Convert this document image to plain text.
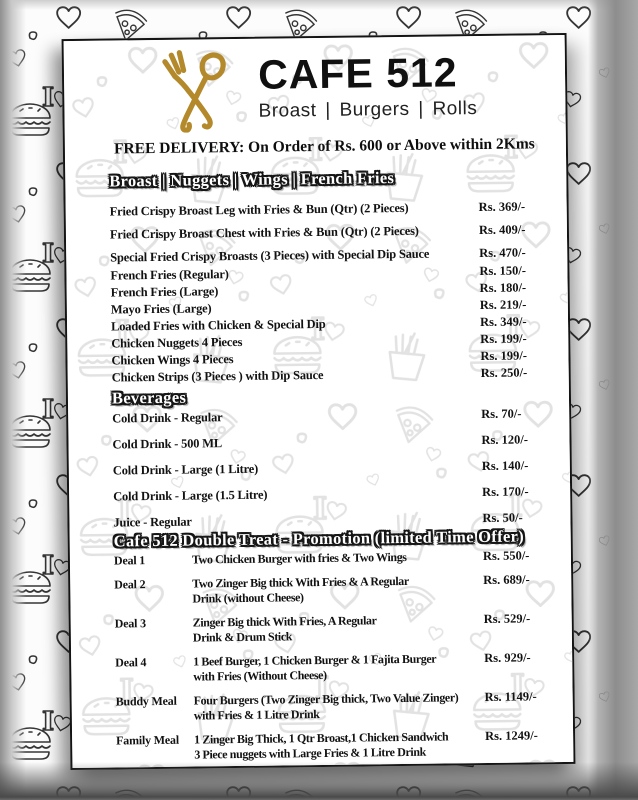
CAFE 512
Broast | Burgers | Rolls
FREE DELIVERY: On Order of Rs. 600 or Above within 2Kms
Broast | Nuggets | Wings | French Fries
Fried Crispy Broast Leg with Fries & Bun (Qtr) (2 Pieces)	Rs. 369/-
Fried Crispy Broast Chest with Fries & Bun (Qtr) (2 Pieces)	Rs. 409/-
Special Fried Crispy Broasts (3 Pieces) with Special Dip Sauce	Rs. 470/-
French Fries (Regular)	Rs. 150/-
French Fries (Large)	Rs. 180/-
Mayo Fries (Large)	Rs. 219/-
Loaded Fries with Chicken & Special Dip	Rs. 349/-
Chicken Nuggets 4 Pieces	Rs. 199/-
Chicken Wings 4 Pieces	Rs. 199/-
Chicken Strips (3 Pieces ) with Dip Sauce	Rs. 250/-
Beverages
Cold Drink - Regular	Rs. 70/-
Cold Drink - 500 ML	Rs. 120/-
Cold Drink - Large (1 Litre)	Rs. 140/-
Cold Drink - Large (1.5 Litre)	Rs. 170/-
Juice - Regular	Rs. 50/-
Cafe 512 Double Treat - Promotion (limited Time Offer)
Deal 1	Two Chicken Burger with fries & Two Wings	Rs. 550/-
Deal 2	Two Zinger Big thick With Fries & A Regular
Drink (without Cheese)
Rs. 689/-
Deal 3	Zinger Big thick With Fries, A Regular
Drink & Drum Stick
Rs. 529/-
Deal 4	1 Beef Burger, 1 Chicken Burger & 1 Fajita Burger
with Fries (Without Cheese)
Rs. 929/-
Buddy Meal	Four Burgers (Two Zinger Big thick, Two Value Zinger)
with Fries & 1 Litre Drink
Rs. 1149/-
Family Meal	1 Zinger Big Thick, 1 Qtr Broast,1 Chicken Sandwich
3 Piece nuggets with Large Fries & 1 Litre Drink
Rs. 1249/-
